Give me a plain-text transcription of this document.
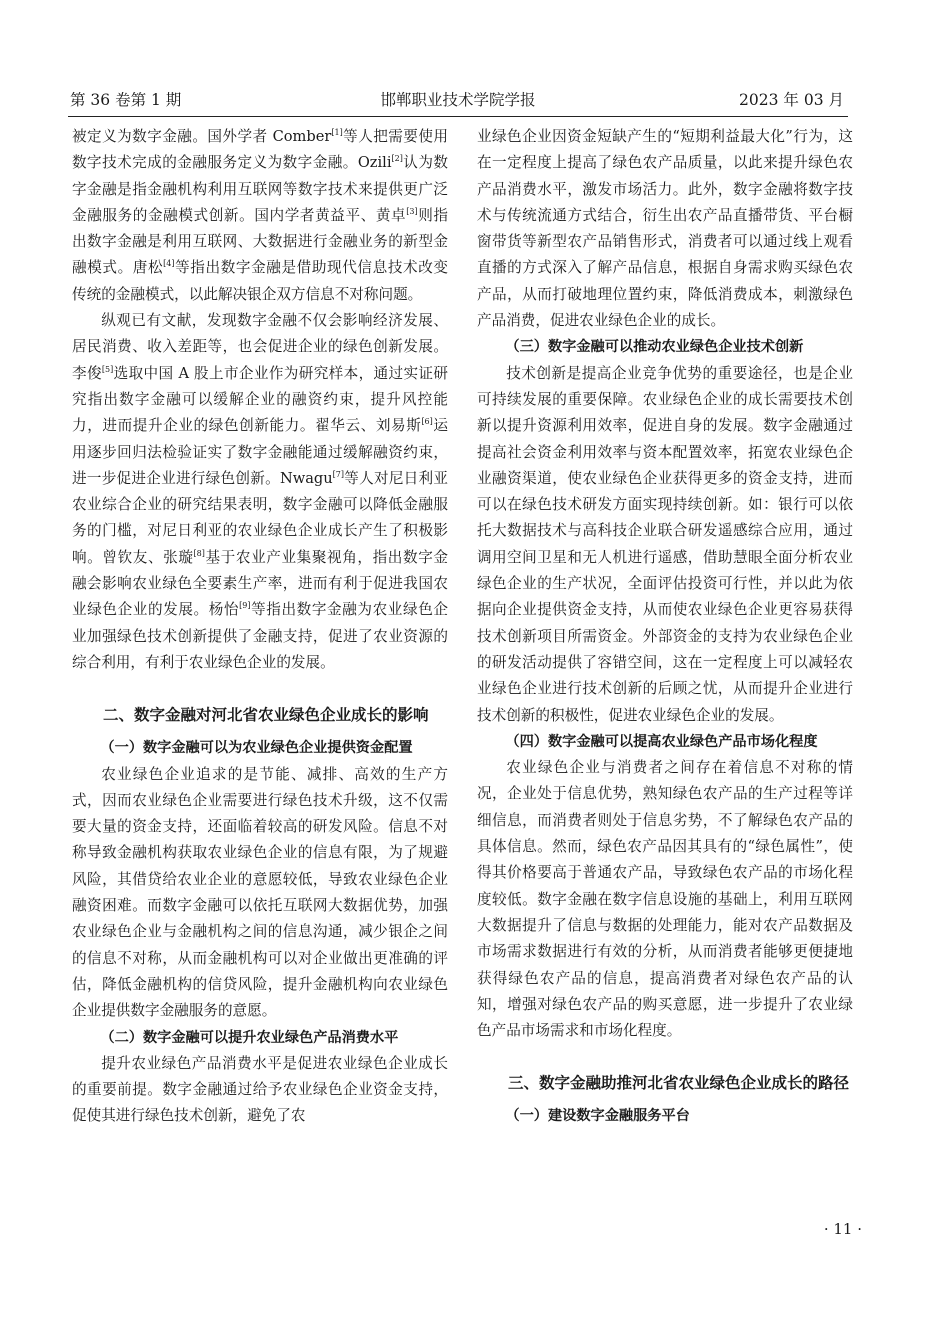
第 36 卷第 1 期	邯郸职业技术学院学报	2023 年 03 月

被定义为数字金融。国外学者 Comber[1]等人把需要使用数字技术完成的金融服务定义为数字金融。Ozili[2]认为数字金融是指金融机构利用互联网等数字技术来提供更广泛金融服务的金融模式创新。国内学者黄益平、黄卓[3]则指出数字金融是利用互联网、大数据进行金融业务的新型金融模式。唐松[4]等指出数字金融是借助现代信息技术改变传统的金融模式，以此解决银企双方信息不对称问题。

纵观已有文献，发现数字金融不仅会影响经济发展、居民消费、收入差距等，也会促进企业的绿色创新发展。李俊[5]选取中国 A 股上市企业作为研究样本，通过实证研究指出数字金融可以缓解企业的融资约束，提升风控能力，进而提升企业的绿色创新能力。翟华云、刘易斯[6]运用逐步回归法检验证实了数字金融能通过缓解融资约束，进一步促进企业进行绿色创新。Nwagu[7]等人对尼日利亚农业综合企业的研究结果表明，数字金融可以降低金融服务的门槛，对尼日利亚的农业绿色企业成长产生了积极影响。曾钦友、张璇[8]基于农业产业集聚视角，指出数字金融会影响农业绿色全要素生产率，进而有利于促进我国农业绿色企业的发展。杨怡[9]等指出数字金融为农业绿色企业加强绿色技术创新提供了金融支持，促进了农业资源的综合利用，有利于农业绿色企业的发展。

二、数字金融对河北省农业绿色企业成长的影响
（一）数字金融可以为农业绿色企业提供资金配置

农业绿色企业追求的是节能、减排、高效的生产方式，因而农业绿色企业需要进行绿色技术升级，这不仅需要大量的资金支持，还面临着较高的研发风险。信息不对称导致金融机构获取农业绿色企业的信息有限，为了规避风险，其借贷给农业企业的意愿较低，导致农业绿色企业融资困难。而数字金融可以依托互联网大数据优势，加强农业绿色企业与金融机构之间的信息沟通，减少银企之间的信息不对称，从而金融机构可以对企业做出更准确的评估，降低金融机构的信贷风险，提升金融机构向农业绿色企业提供数字金融服务的意愿。

（二）数字金融可以提升农业绿色产品消费水平

提升农业绿色产品消费水平是促进农业绿色企业成长的重要前提。数字金融通过给予农业绿色企业资金支持，促使其进行绿色技术创新，避免了农

业绿色企业因资金短缺产生的“短期利益最大化”行为，这在一定程度上提高了绿色农产品质量，以此来提升绿色农产品消费水平，激发市场活力。此外，数字金融将数字技术与传统流通方式结合，衍生出农产品直播带货、平台橱窗带货等新型农产品销售形式，消费者可以通过线上观看直播的方式深入了解产品信息，根据自身需求购买绿色农产品，从而打破地理位置约束，降低消费成本，刺激绿色产品消费，促进农业绿色企业的成长。

（三）数字金融可以推动农业绿色企业技术创新

技术创新是提高企业竞争优势的重要途径，也是企业可持续发展的重要保障。农业绿色企业的成长需要技术创新以提升资源利用效率，促进自身的发展。数字金融通过提高社会资金利用效率与资本配置效率，拓宽农业绿色企业融资渠道，使农业绿色企业获得更多的资金支持，进而可以在绿色技术研发方面实现持续创新。如：银行可以依托大数据技术与高科技企业联合研发遥感综合应用，通过调用空间卫星和无人机进行遥感，借助慧眼全面分析农业绿色企业的生产状况，全面评估投资可行性，并以此为依据向企业提供资金支持，从而使农业绿色企业更容易获得技术创新项目所需资金。外部资金的支持为农业绿色企业的研发活动提供了容错空间，这在一定程度上可以减轻农业绿色企业进行技术创新的后顾之忧，从而提升企业进行技术创新的积极性，促进农业绿色企业的发展。

（四）数字金融可以提高农业绿色产品市场化程度

农业绿色企业与消费者之间存在着信息不对称的情况，企业处于信息优势，熟知绿色农产品的生产过程等详细信息，而消费者则处于信息劣势，不了解绿色农产品的具体信息。然而，绿色农产品因其具有的“绿色属性”，使得其价格要高于普通农产品，导致绿色农产品的市场化程度较低。数字金融在数字信息设施的基础上，利用互联网大数据提升了信息与数据的处理能力，能对农产品数据及市场需求数据进行有效的分析，从而消费者能够更便捷地获得绿色农产品的信息，提高消费者对绿色农产品的认知，增强对绿色农产品的购买意愿，进一步提升了农业绿色产品市场需求和市场化程度。

三、数字金融助推河北省农业绿色企业成长的路径
（一）建设数字金融服务平台
· 11 ·
